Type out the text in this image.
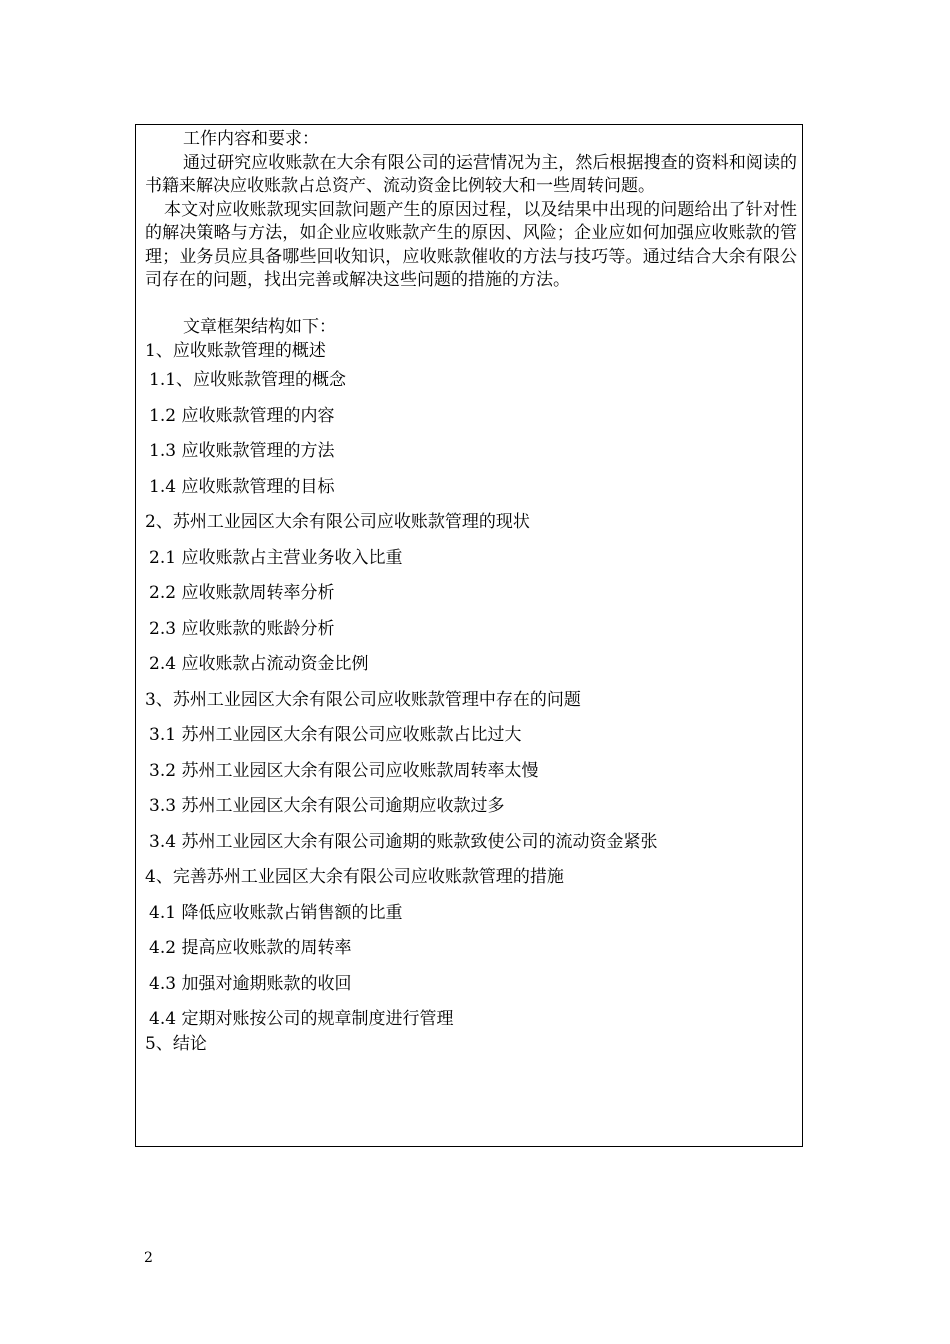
工作内容和要求：

通过研究应收账款在大余有限公司的运营情况为主，然后根据搜查的资料和阅读的书籍来解决应收账款占总资产、流动资金比例较大和一些周转问题。

本文对应收账款现实回款问题产生的原因过程，以及结果中出现的问题给出了针对性的解决策略与方法，如企业应收账款产生的原因、风险；企业应如何加强应收账款的管理；业务员应具备哪些回收知识，应收账款催收的方法与技巧等。通过结合大余有限公司存在的问题，找出完善或解决这些问题的措施的方法。

文章框架结构如下：

1、应收账款管理的概述
1.1、应收账款管理的概念
1.2 应收账款管理的内容
1.3 应收账款管理的方法
1.4 应收账款管理的目标
2、苏州工业园区大余有限公司应收账款管理的现状
2.1 应收账款占主营业务收入比重
2.2 应收账款周转率分析
2.3 应收账款的账龄分析
2.4 应收账款占流动资金比例
3、苏州工业园区大余有限公司应收账款管理中存在的问题
3.1 苏州工业园区大余有限公司应收账款占比过大
3.2 苏州工业园区大余有限公司应收账款周转率太慢
3.3 苏州工业园区大余有限公司逾期应收款过多
3.4 苏州工业园区大余有限公司逾期的账款致使公司的流动资金紧张
4、完善苏州工业园区大余有限公司应收账款管理的措施
4.1 降低应收账款占销售额的比重
4.2 提高应收账款的周转率
4.3 加强对逾期账款的收回
4.4 定期对账按公司的规章制度进行管理
5、结论
2
